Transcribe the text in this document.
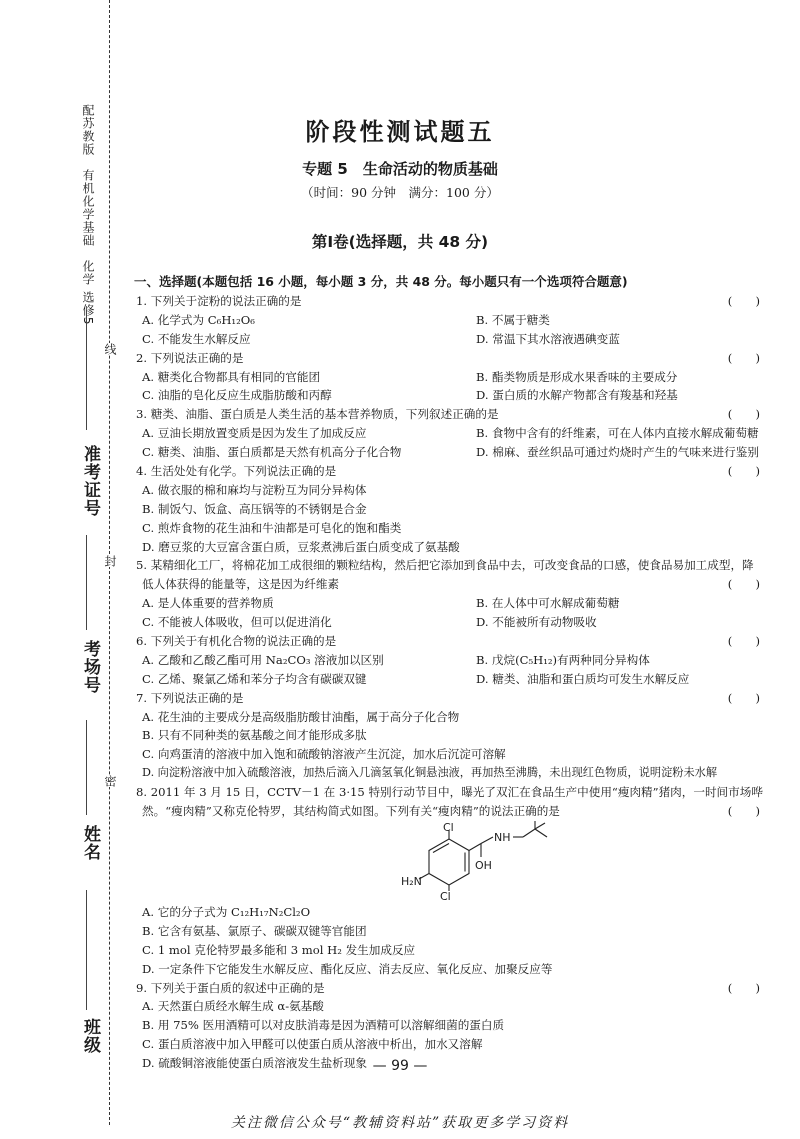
配苏教版　有机化学基础　化学 选修5
准考证号
考场号
姓名
班级
线
封
密
阶段性测试题五
专题 5　生命活动的物质基础
（时间：90 分钟　满分：100 分）
第Ⅰ卷(选择题，共 48 分)
一、选择题(本题包括 16 小题，每小题 3 分，共 48 分。每小题只有一个选项符合题意)
1. 下列关于淀粉的说法正确的是	(　　)
A. 化学式为 C₆H₁₂O₆	B. 不属于糖类
C. 不能发生水解反应	D. 常温下其水溶液遇碘变蓝
2. 下列说法正确的是	(　　)
A. 糖类化合物都具有相同的官能团	B. 酯类物质是形成水果香味的主要成分
C. 油脂的皂化反应生成脂肪酸和丙醇	D. 蛋白质的水解产物都含有羧基和羟基
3. 糖类、油脂、蛋白质是人类生活的基本营养物质，下列叙述正确的是	(　　)
A. 豆油长期放置变质是因为发生了加成反应	B. 食物中含有的纤维素，可在人体内直接水解成葡萄糖
C. 糖类、油脂、蛋白质都是天然有机高分子化合物	D. 棉麻、蚕丝织品可通过灼烧时产生的气味来进行鉴别
4. 生活处处有化学。下列说法正确的是	(　　)
A. 做衣服的棉和麻均与淀粉互为同分异构体
B. 制饭勺、饭盒、高压锅等的不锈钢是合金
C. 煎炸食物的花生油和牛油都是可皂化的饱和酯类
D. 磨豆浆的大豆富含蛋白质，豆浆煮沸后蛋白质变成了氨基酸
5. 某精细化工厂，将棉花加工成很细的颗粒结构，然后把它添加到食品中去，可改变食品的口感，使食品易加工成型，降
低人体获得的能量等，这是因为纤维素	(　　)
A. 是人体重要的营养物质	B. 在人体中可水解成葡萄糖
C. 不能被人体吸收，但可以促进消化	D. 不能被所有动物吸收
6. 下列关于有机化合物的说法正确的是	(　　)
A. 乙酸和乙酸乙酯可用 Na₂CO₃ 溶液加以区别	B. 戊烷(C₅H₁₂)有两种同分异构体
C. 乙烯、聚氯乙烯和苯分子均含有碳碳双键	D. 糖类、油脂和蛋白质均可发生水解反应
7. 下列说法正确的是	(　　)
A. 花生油的主要成分是高级脂肪酸甘油酯，属于高分子化合物
B. 只有不同种类的氨基酸之间才能形成多肽
C. 向鸡蛋清的溶液中加入饱和硫酸钠溶液产生沉淀，加水后沉淀可溶解
D. 向淀粉溶液中加入硫酸溶液，加热后滴入几滴氢氧化铜悬浊液，再加热至沸腾，未出现红色物质，说明淀粉未水解
8. 2011 年 3 月 15 日，CCTV－1 在 3·15 特别行动节目中，曝光了双汇在食品生产中使用“瘦肉精”猪肉，一时间市场哗
然。“瘦肉精”又称克伦特罗，其结构简式如图。下列有关“瘦肉精”的说法正确的是	(　　)
Cl
H₂N
NH
OH
Cl
A. 它的分子式为 C₁₂H₁₇N₂Cl₂O
B. 它含有氨基、氯原子、碳碳双键等官能团
C. 1 mol 克伦特罗最多能和 3 mol H₂ 发生加成反应
D. 一定条件下它能发生水解反应、酯化反应、消去反应、氧化反应、加聚反应等
9. 下列关于蛋白质的叙述中正确的是	(　　)
A. 天然蛋白质经水解生成 α-氨基酸
B. 用 75% 医用酒精可以对皮肤消毒是因为酒精可以溶解细菌的蛋白质
C. 蛋白质溶液中加入甲醛可以使蛋白质从溶液中析出，加水又溶解
D. 硫酸铜溶液能使蛋白质溶液发生盐析现象 — 99 —
关注微信公众号“教辅资料站”获取更多学习资料
